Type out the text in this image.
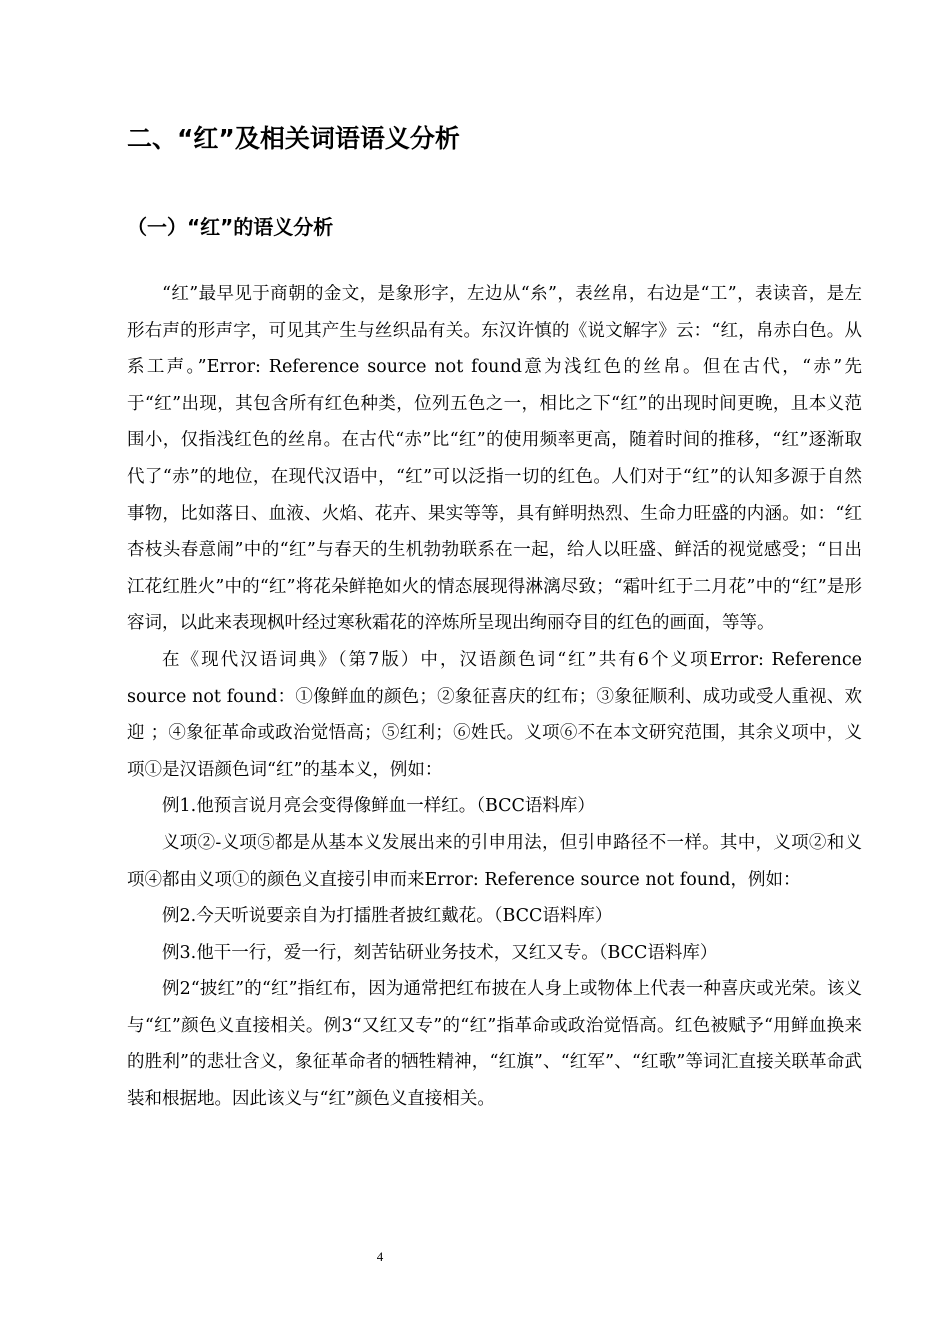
二、“红”及相关词语语义分析
（一）“红”的语义分析

“红”最早见于商朝的金文，是象形字，左边从“糸”，表丝帛，右边是“工”，表读音，是左形右声的形声字，可见其产生与丝织品有关。东汉许慎的《说文解字》云：“红，帛赤白色。从系工声。”Error: Reference source not found意为浅红色的丝帛。但在古代，“赤”先于“红”出现，其包含所有红色种类，位列五色之一，相比之下“红”的出现时间更晚，且本义范围小，仅指浅红色的丝帛。在古代“赤”比“红”的使用频率更高，随着时间的推移，“红”逐渐取代了“赤”的地位，在现代汉语中，“红”可以泛指一切的红色。人们对于“红”的认知多源于自然事物，比如落日、血液、火焰、花卉、果实等等，具有鲜明热烈、生命力旺盛的内涵。如：“红杏枝头春意闹”中的“红”与春天的生机勃勃联系在一起，给人以旺盛、鲜活的视觉感受；“日出江花红胜火”中的“红”将花朵鲜艳如火的情态展现得淋漓尽致；“霜叶红于二月花”中的“红”是形容词，以此来表现枫叶经过寒秋霜花的淬炼所呈现出绚丽夺目的红色的画面，等等。

在《现代汉语词典》（第7版）中，汉语颜色词“红”共有6个义项Error: Reference source not found：①像鲜血的颜色；②象征喜庆的红布；③象征顺利、成功或受人重视、欢迎 ；④象征革命或政治觉悟高；⑤红利；⑥姓氏。义项⑥不在本文研究范围，其余义项中，义项①是汉语颜色词“红”的基本义，例如：

例1.他预言说月亮会变得像鲜血一样红。（BCC语料库）

义项②-义项⑤都是从基本义发展出来的引申用法，但引申路径不一样。其中，义项②和义项④都由义项①的颜色义直接引申而来Error: Reference source not found，例如：

例2.今天听说要亲自为打擂胜者披红戴花。（BCC语料库）

例3.他干一行，爱一行，刻苦钻研业务技术，又红又专。（BCC语料库）

例2“披红”的“红”指红布，因为通常把红布披在人身上或物体上代表一种喜庆或光荣。该义与“红”颜色义直接相关。例3“又红又专”的“红”指革命或政治觉悟高。红色被赋予“用鲜血换来的胜利”的悲壮含义，象征革命者的牺牲精神，“红旗”、“红军”、“红歌”等词汇直接关联革命武装和根据地。因此该义与“红”颜色义直接相关。

4
